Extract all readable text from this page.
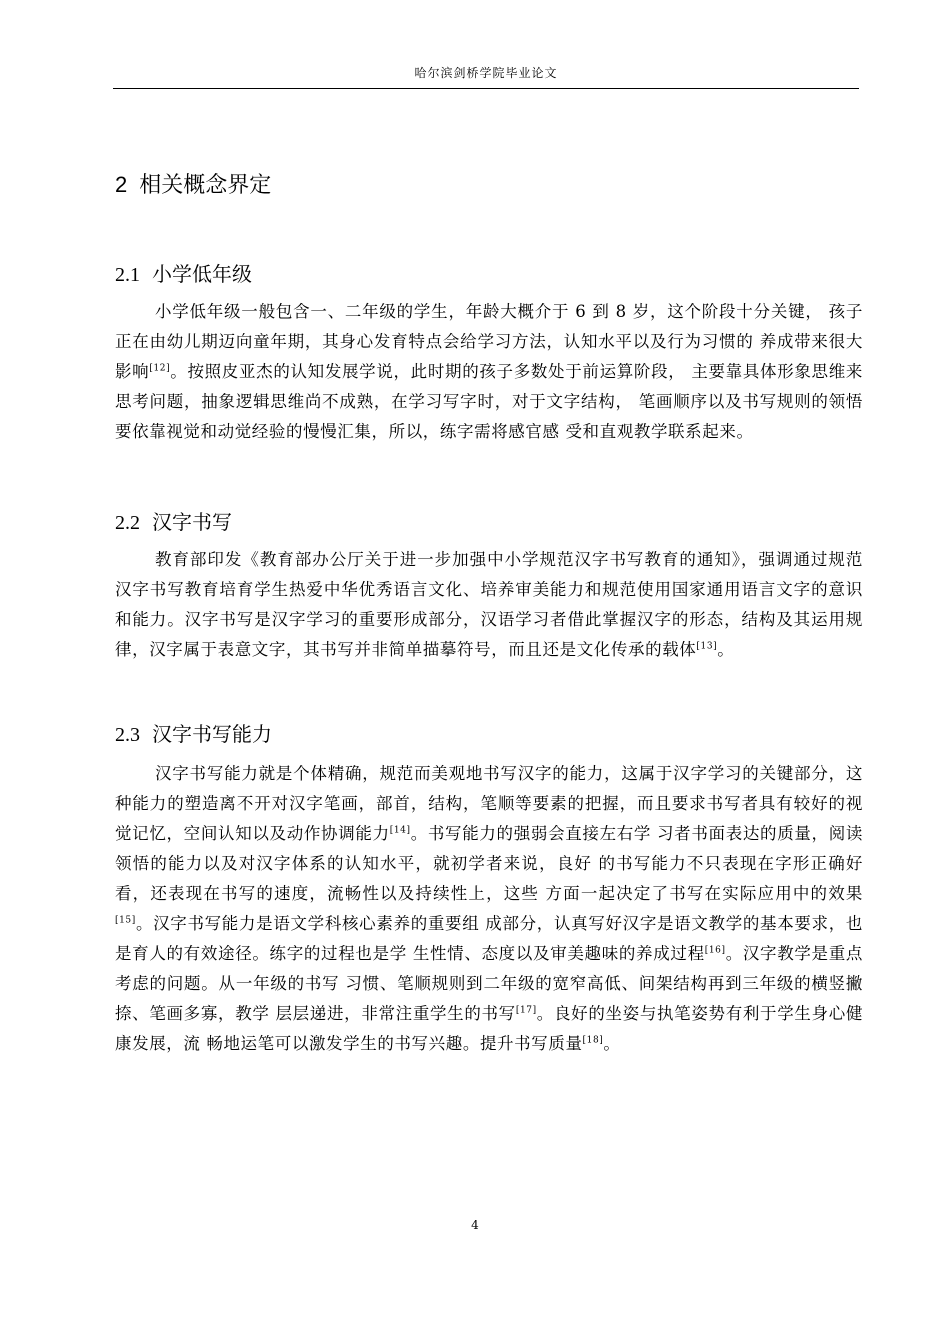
哈尔滨剑桥学院毕业论文
2 相关概念界定
2.1 小学低年级

小学低年级一般包含一、二年级的学生，年龄大概介于 6 到 8 岁，这个阶段十分关键， 孩子正在由幼儿期迈向童年期，其身心发育特点会给学习方法，认知水平以及行为习惯的 养成带来很大影响[12]。按照皮亚杰的认知发展学说，此时期的孩子多数处于前运算阶段， 主要靠具体形象思维来思考问题，抽象逻辑思维尚不成熟，在学习写字时，对于文字结构， 笔画顺序以及书写规则的领悟要依靠视觉和动觉经验的慢慢汇集，所以，练字需将感官感 受和直观教学联系起来。

2.2 汉字书写

教育部印发《教育部办公厅关于进一步加强中小学规范汉字书写教育的通知》，强调通过规范汉字书写教育培育学生热爱中华优秀语言文化、培养审美能力和规范使用国家通用语言文字的意识和能力。汉字书写是汉字学习的重要形成部分，汉语学习者借此掌握汉字的形态，结构及其运用规律，汉字属于表意文字，其书写并非简单描摹符号，而且还是文化传承的载体[13]。

2.3 汉字书写能力

汉字书写能力就是个体精确，规范而美观地书写汉字的能力，这属于汉字学习的关键部分，这种能力的塑造离不开对汉字笔画，部首，结构，笔顺等要素的把握，而且要求书写者具有较好的视觉记忆，空间认知以及动作协调能力[14]。书写能力的强弱会直接左右学 习者书面表达的质量，阅读领悟的能力以及对汉字体系的认知水平，就初学者来说，良好 的书写能力不只表现在字形正确好看，还表现在书写的速度，流畅性以及持续性上，这些 方面一起决定了书写在实际应用中的效果[15]。汉字书写能力是语文学科核心素养的重要组 成部分，认真写好汉字是语文教学的基本要求，也是育人的有效途径。练字的过程也是学 生性情、态度以及审美趣味的养成过程[16]。汉字教学是重点考虑的问题。从一年级的书写 习惯、笔顺规则到二年级的宽窄高低、间架结构再到三年级的横竖撇捺、笔画多寡，教学 层层递进，非常注重学生的书写[17]。良好的坐姿与执笔姿势有利于学生身心健康发展，流 畅地运笔可以激发学生的书写兴趣。提升书写质量[18]。

4
